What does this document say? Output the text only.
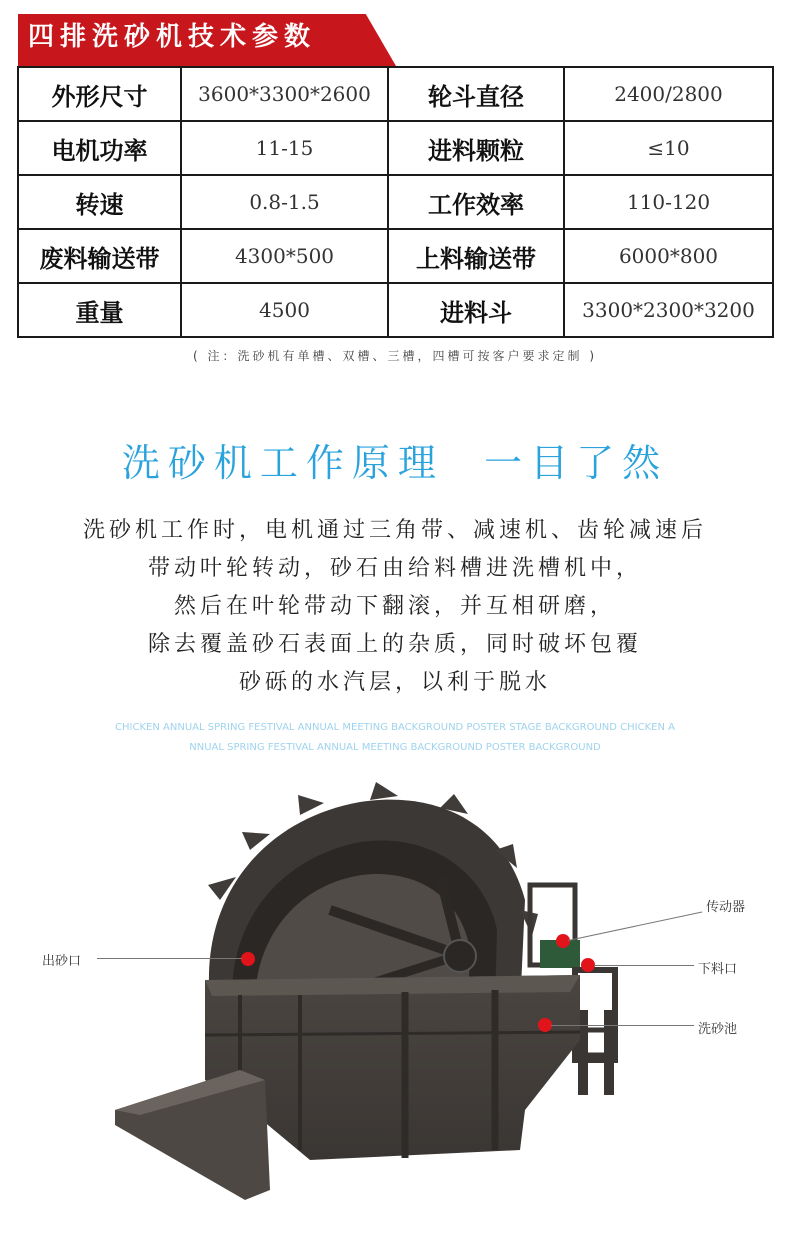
四排洗砂机技术参数
外形尺寸	3600*3300*2600	轮斗直径	2400/2800
电机功率	11-15	进料颗粒	≤10
转速	0.8-1.5	工作效率	110-120
废料输送带	4300*500	上料输送带	6000*800
重量	4500	进料斗	3300*2300*3200
( 注：洗砂机有单槽、双槽、三槽，四槽可按客户要求定制 )
洗砂机工作原理  一目了然
洗砂机工作时，电机通过三角带、减速机、齿轮减速后
带动叶轮转动，砂石由给料槽进洗槽机中，
然后在叶轮带动下翻滚，并互相研磨，
除去覆盖砂石表面上的杂质，同时破坏包覆
砂砾的水汽层，以利于脱水
CHICKEN ANNUAL SPRING FESTIVAL ANNUAL MEETING BACKGROUND POSTER STAGE BACKGROUND CHICKEN A
NNUAL SPRING FESTIVAL ANNUAL MEETING BACKGROUND POSTER BACKGROUND
出砂口
传动器
下料口
洗砂池
